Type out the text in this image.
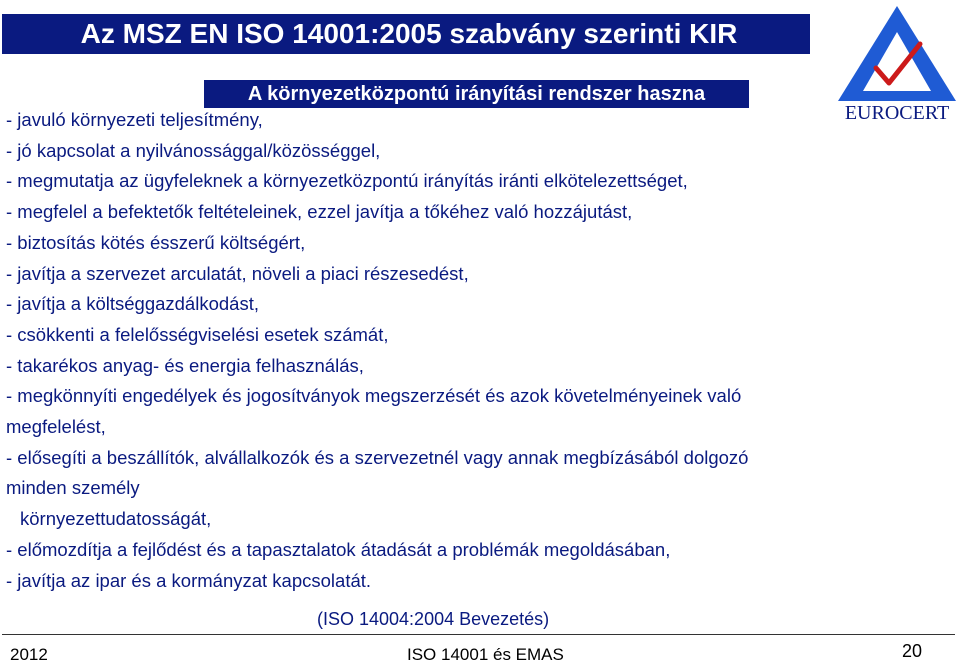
Az MSZ EN ISO 14001:2005 szabvány szerinti KIR
A környezetközpontú irányítási rendszer haszna
EUROCERT
- javuló környezeti teljesítmény,
- jó kapcsolat a nyilvánossággal/közösséggel,
- megmutatja az ügyfeleknek a környezetközpontú irányítás iránti elkötelezettséget,
- megfelel a befektetők feltételeinek, ezzel javítja a tőkéhez való hozzájutást,
- biztosítás kötés ésszerű költségért,
- javítja a szervezet arculatát, növeli a piaci részesedést,
- javítja a költséggazdálkodást,
- csökkenti a felelősségviselési esetek számát,
- takarékos anyag- és energia felhasználás,
- megkönnyíti engedélyek és jogosítványok megszerzését és azok követelményeinek való
megfelelést,
- elősegíti a beszállítók, alvállalkozók és a szervezetnél vagy annak megbízásából dolgozó
minden személy
környezettudatosságát,
- előmozdítja a fejlődést és a tapasztalatok átadását a problémák megoldásában,
- javítja az ipar és a kormányzat kapcsolatát.
(ISO 14004:2004 Bevezetés)
2012	ISO 14001 és EMAS	20
